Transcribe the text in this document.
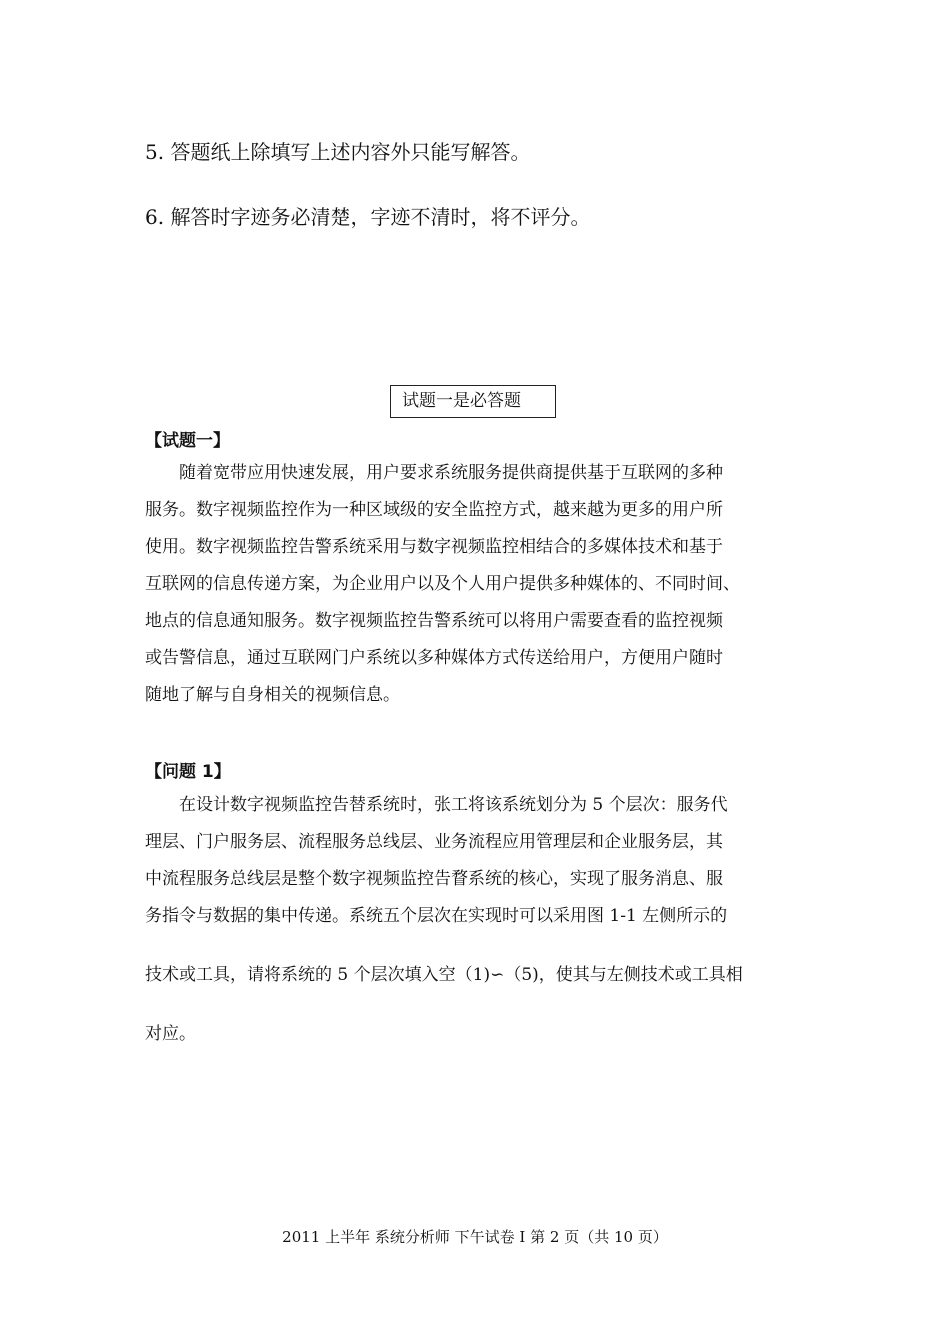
5. 答题纸上除填写上述内容外只能写解答。
6. 解答时字迹务必清楚，字迹不清时，将不评分。
试题一是必答题
【试题一】
随着宽带应用快速发展，用户要求系统服务提供商提供基于互联网的多种
服务。数字视频监控作为一种区域级的安全监控方式，越来越为更多的用户所
使用。数字视频监控告警系统采用与数字视频监控相结合的多媒体技术和基于
互联网的信息传递方案，为企业用户以及个人用户提供多种媒体的、不同时间、
地点的信息通知服务。数字视频监控告警系统可以将用户需要查看的监控视频
或告警信息，通过互联网门户系统以多种媒体方式传送给用户，方便用户随时
随地了解与自身相关的视频信息。
【问题 1】
在设计数字视频监控告替系统时，张工将该系统划分为 5 个层次：服务代
理层、门户服务层、流程服务总线层、业务流程应用管理层和企业服务层，其
中流程服务总线层是整个数字视频监控告瞀系统的核心，实现了服务消息、服
务指令与数据的集中传递。系统五个层次在实现时可以采用图 1-1 左侧所示的
技术或工具，请将系统的 5 个层次填入空（1)∽（5)，使其与左侧技术或工具相
对应。
2011 上半年 系统分析师 下午试卷 I 第 2 页（共 10 页）
